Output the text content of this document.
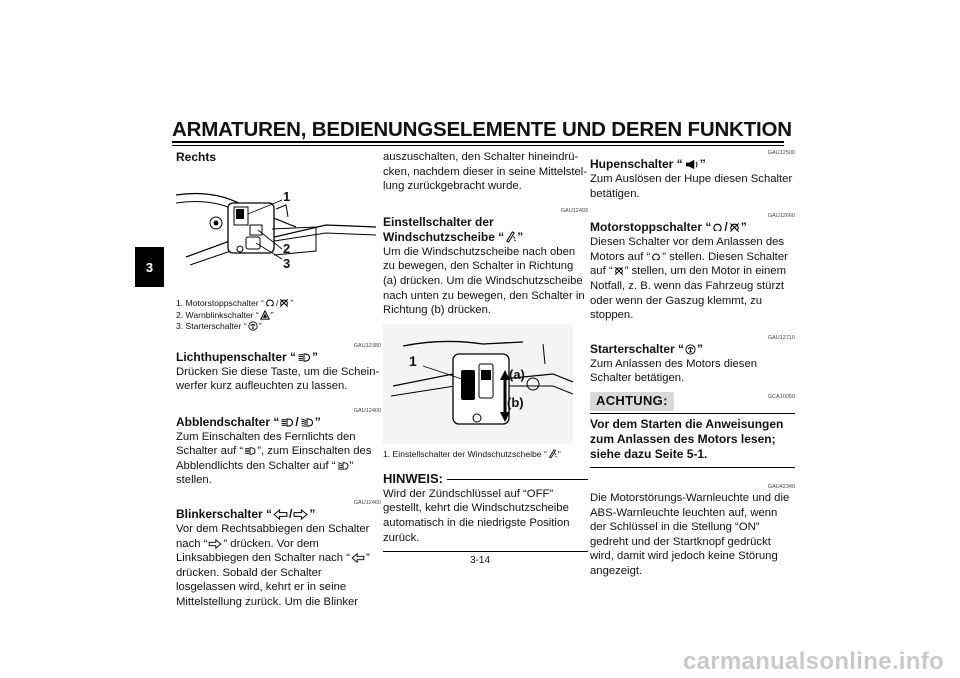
ARMATUREN, BEDIENUNGSELEMENTE UND DEREN FUNKTION
3

Rechts

1
2
3

1. Motorstoppschalter “ / ”

2. Warnblinkschalter “ ”

3. Starterschalter “ ”

GAU12380

Lichthupenschalter “ ”

Drücken Sie diese Taste, um die Scheinwerfer kurz aufleuchten zu lassen.

GAU12400

Abblendschalter “ / ”

Zum Einschalten des Fernlichts den Schalter auf “ ”, zum Einschalten des Abblendlichts den Schalter auf “ ” stellen.

GAU12460

Blinkerschalter “ / ”

Vor dem Rechtsabbiegen den Schalter nach “ ” drücken. Vor dem Linksabbiegen den Schalter nach “ ” drücken. Sobald der Schalter losgelassen wird, kehrt er in seine Mittelstellung zurück. Um die Blinker

auszuschalten, den Schalter hineindrücken, nachdem dieser in seine Mittelstellung zurückgebracht wurde.

GAU12493

Einstellschalter der

Windschutzscheibe “ ”

Um die Windschutzscheibe nach oben zu bewegen, den Schalter in Richtung (a) drücken. Um die Windschutzscheibe nach unten zu bewegen, den Schalter in Richtung (b) drücken.

1
(a)
(b)

1. Einstellschalter der Windschutzscheibe “ ”

HINWEIS:

Wird der Zündschlüssel auf “OFF” gestellt, kehrt die Windschutzscheibe automatisch in die niedrigste Position zurück.

GAU12500

Hupenschalter “ ”

Zum Auslösen der Hupe diesen Schalter betätigen.

GAU12660

Motorstoppschalter “ / ”

Diesen Schalter vor dem Anlassen des Motors auf “ ” stellen. Diesen Schalter auf “ ” stellen, um den Motor in einem Notfall, z. B. wenn das Fahrzeug stürzt oder wenn der Gaszug klemmt, zu stoppen.

GAU12710

Starterschalter “ ”

Zum Anlassen des Motors diesen Schalter betätigen.

ACHTUNG:	GCA10050

Vor dem Starten die Anweisungen zum Anlassen des Motors lesen; siehe dazu Seite 5-1.

GAU42340

Die Motorstörungs-Warnleuchte und die ABS-Warnleuchte leuchten auf, wenn der Schlüssel in die Stellung “ON” gedreht und der Startknopf gedrückt wird, damit wird jedoch keine Störung angezeigt.

3-14
carmanualsonline.info
